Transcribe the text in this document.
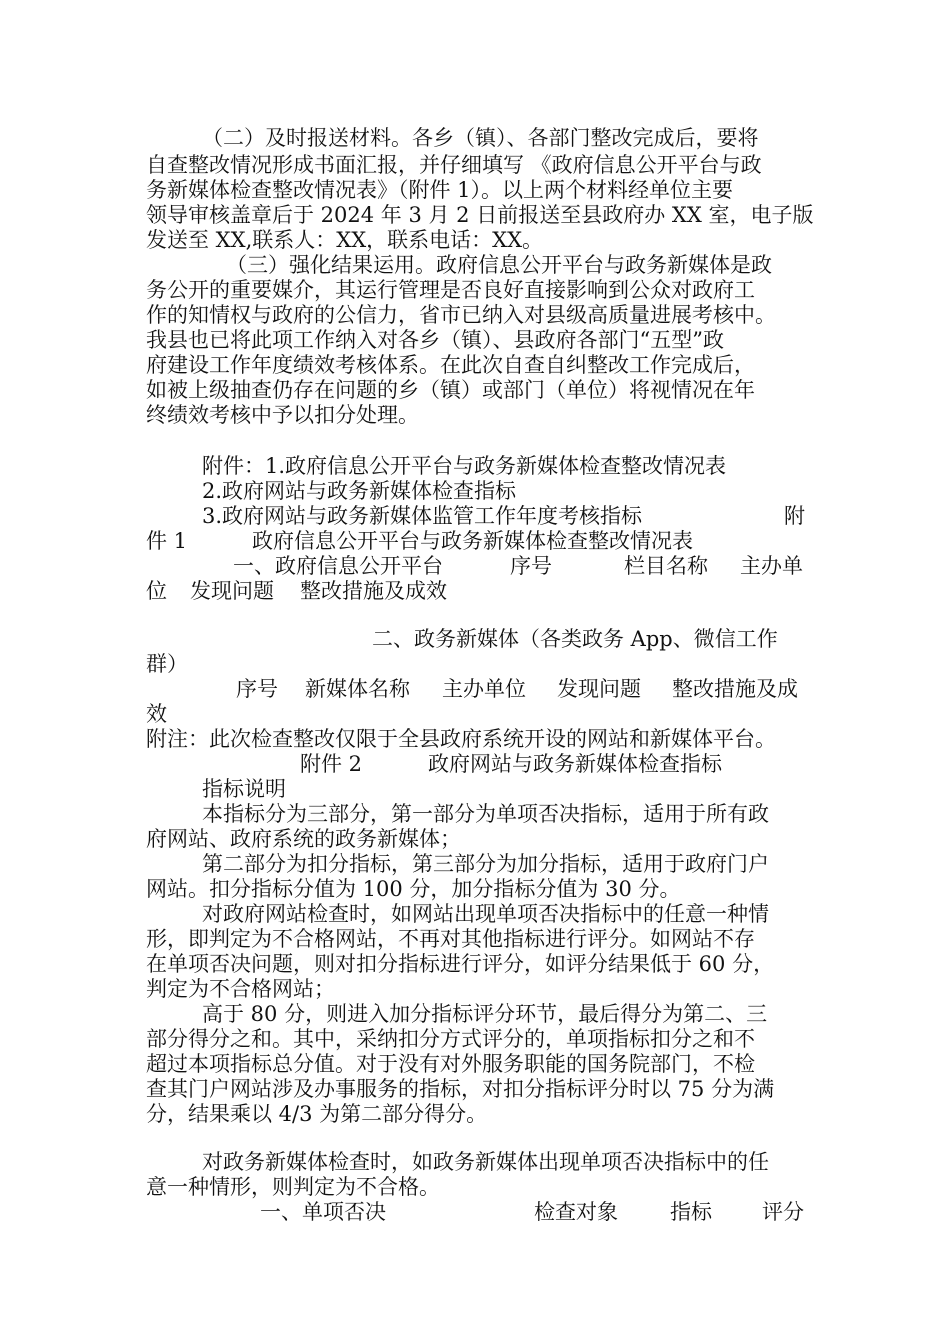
（二）及时报送材料。各乡（镇）、各部门整改完成后，要将
自查整改情况形成书面汇报，并仔细填写 《政府信息公开平台与政
务新媒体检查整改情况表》（附件 1）。以上两个材料经单位主要
领导审核盖章后于 2024 年 3 月 2 日前报送至县政府办 XX 室，电子版
发送至 XX,联系人：XX，联系电话：XX。
（三）强化结果运用。政府信息公开平台与政务新媒体是政
务公开的重要媒介，其运行管理是否良好直接影响到公众对政府工
作的知情权与政府的公信力，省市已纳入对县级高质量进展考核中。
我县也已将此项工作纳入对各乡（镇）、县政府各部门“五型”政
府建设工作年度绩效考核体系。在此次自查自纠整改工作完成后，
如被上级抽查仍存在问题的乡（镇）或部门（单位）将视情况在年
终绩效考核中予以扣分处理。
附件：1.政府信息公开平台与政务新媒体检查整改情况表
2.政府网站与政务新媒体检查指标
3.政府网站与政务新媒体监管工作年度考核指标	附
件 1	政府信息公开平台与政务新媒体检查整改情况表
一、政府信息公开平台	序号	栏目名称 主办单
位 发现问题 整改措施及成效
二、政务新媒体（各类政务 App、微信工作
群）
序号 新媒体名称 主办单位 发现问题 整改措施及成
效
附注：此次检查整改仅限于全县政府系统开设的网站和新媒体平台。
附件 2	政府网站与政务新媒体检查指标
指标说明
本指标分为三部分，第一部分为单项否决指标，适用于所有政
府网站、政府系统的政务新媒体；
第二部分为扣分指标，第三部分为加分指标，适用于政府门户
网站。扣分指标分值为 100 分，加分指标分值为 30 分。
对政府网站检查时，如网站出现单项否决指标中的任意一种情
形，即判定为不合格网站，不再对其他指标进行评分。如网站不存
在单项否决问题，则对扣分指标进行评分，如评分结果低于 60 分，
判定为不合格网站；
高于 80 分，则进入加分指标评分环节，最后得分为第二、三
部分得分之和。其中，采纳扣分方式评分的，单项指标扣分之和不
超过本项指标总分值。对于没有对外服务职能的国务院部门，不检
查其门户网站涉及办事服务的指标，对扣分指标评分时以 75 分为满
分，结果乘以 4/3 为第二部分得分。
对政务新媒体检查时，如政务新媒体出现单项否决指标中的任
意一种情形，则判定为不合格。
一、单项否决	检查对象 指标 评分
